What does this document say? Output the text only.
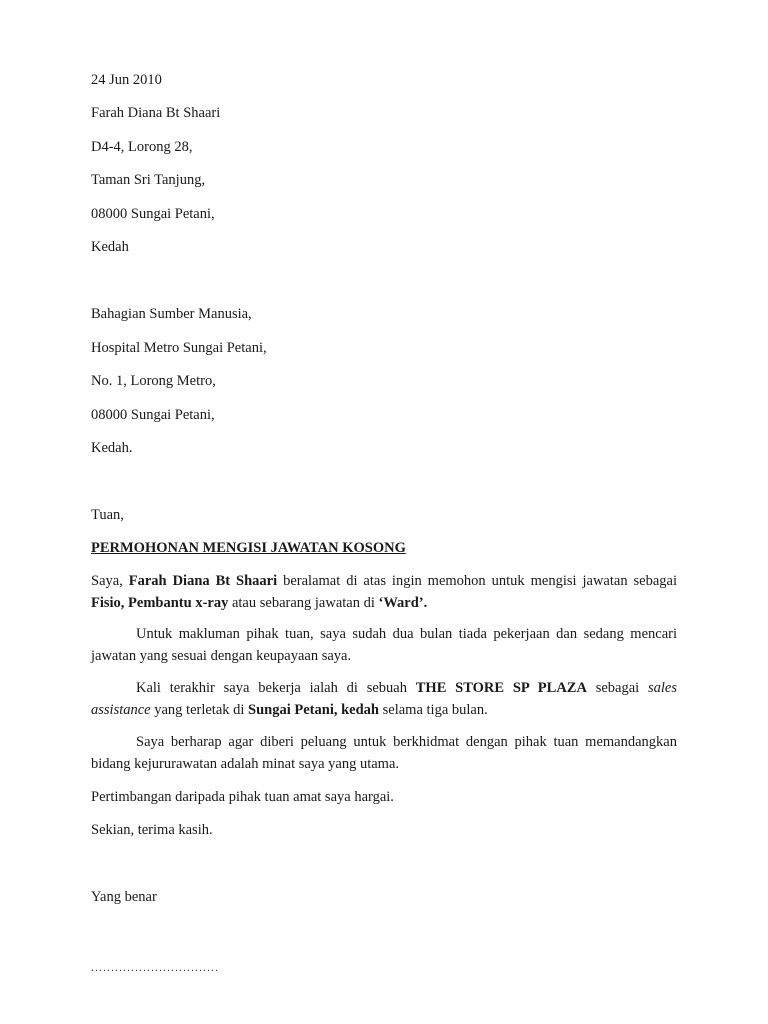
24 Jun 2010
Farah Diana Bt Shaari
D4-4, Lorong 28,
Taman Sri Tanjung,
08000 Sungai Petani,
Kedah
Bahagian Sumber Manusia,
Hospital Metro Sungai Petani,
No. 1, Lorong Metro,
08000 Sungai Petani,
Kedah.
Tuan,
PERMOHONAN MENGISI JAWATAN KOSONG
Saya, Farah Diana Bt Shaari beralamat di atas ingin memohon untuk mengisi jawatan sebagai
Fisio, Pembantu x-ray atau sebarang jawatan di ‘Ward’.
Untuk makluman pihak tuan, saya sudah dua bulan tiada pekerjaan dan sedang mencari
jawatan yang sesuai dengan keupayaan saya.
Kali terakhir saya bekerja ialah di sebuah THE STORE SP PLAZA sebagai sales
assistance yang terletak di Sungai Petani, kedah selama tiga bulan.
Saya berharap agar diberi peluang untuk berkhidmat dengan pihak tuan memandangkan
bidang kejururawatan adalah minat saya yang utama.
Pertimbangan daripada pihak tuan amat saya hargai.
Sekian, terima kasih.
Yang benar
................................
